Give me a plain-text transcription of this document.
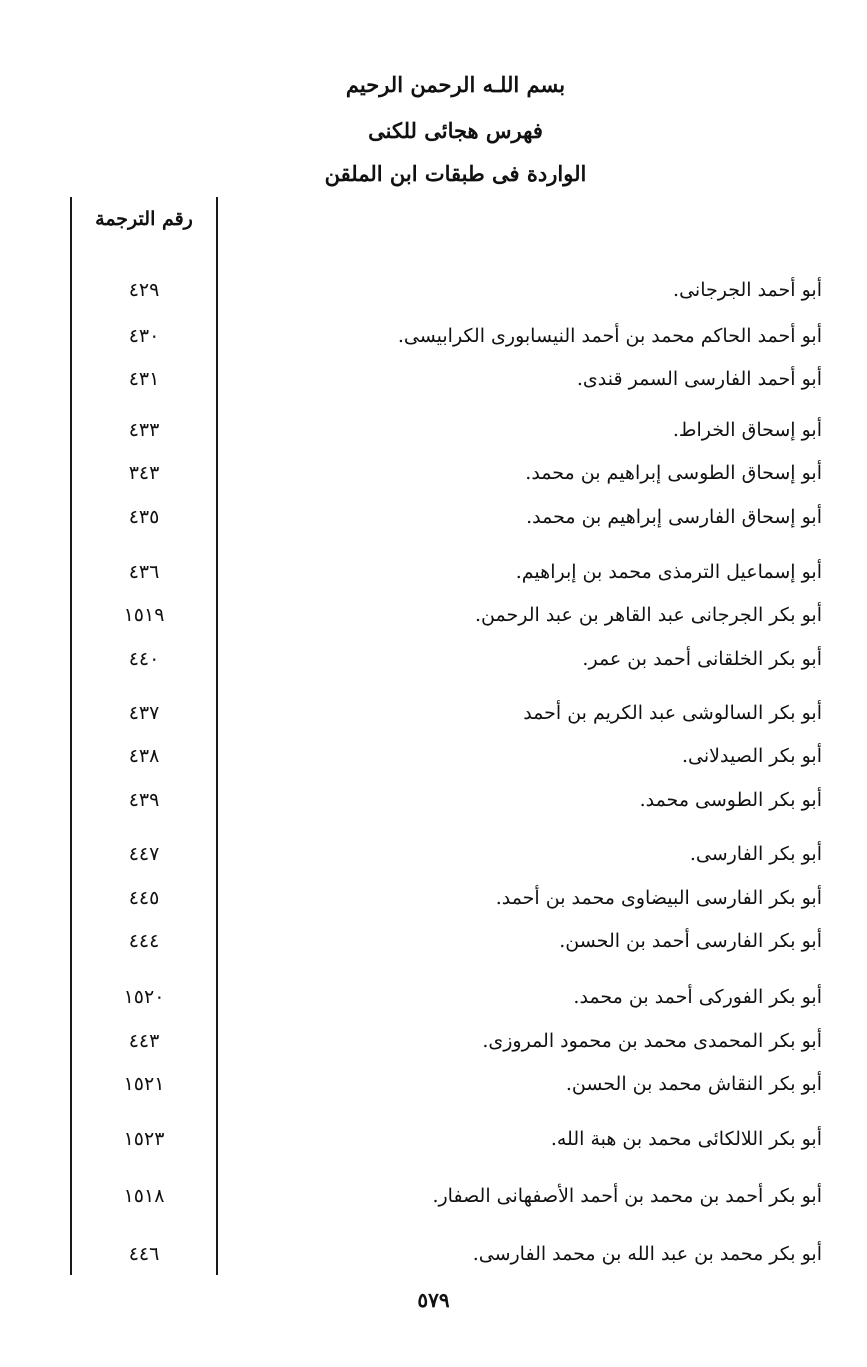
بسم اللـه الرحمن الرحيم
فهرس هجائى للكنى
الواردة فى طبقات ابن الملقن
رقم الترجمة
أبو أحمد الجرجانى.
٤٢٩
أبو أحمد الحاكم محمد بن أحمد النيسابورى الكرابيسى.
٤٣٠
أبو أحمد الفارسى السمر قندى.
٤٣١
أبو إسحاق الخراط.
٤٣٣
أبو إسحاق الطوسى إبراهيم بن محمد.
٣٤٣
أبو إسحاق الفارسى إبراهيم بن محمد.
٤٣٥
أبو إسماعيل الترمذى محمد بن إبراهيم.
٤٣٦
أبو بكر الجرجانى عبد القاهر بن عبد الرحمن.
١٥١٩
أبو بكر الخلقانى أحمد بن عمر.
٤٤٠
أبو بكر السالوشى عبد الكريم بن أحمد
٤٣٧
أبو بكر الصيدلانى.
٤٣٨
أبو بكر الطوسى محمد.
٤٣٩
أبو بكر الفارسى.
٤٤٧
أبو بكر الفارسى البيضاوى محمد بن أحمد.
٤٤٥
أبو بكر الفارسى أحمد بن الحسن.
٤٤٤
أبو بكر الفوركى أحمد بن محمد.
١٥٢٠
أبو بكر المحمدى محمد بن محمود المروزى.
٤٤٣
أبو بكر النقاش محمد بن الحسن.
١٥٢١
أبو بكر اللالكائى محمد بن هبة الله.
١٥٢٣
أبو بكر أحمد بن محمد بن أحمد الأصفهانى الصفار.
١٥١٨
أبو بكر محمد بن عبد الله بن محمد الفارسى.
٤٤٦
٥٧٩
